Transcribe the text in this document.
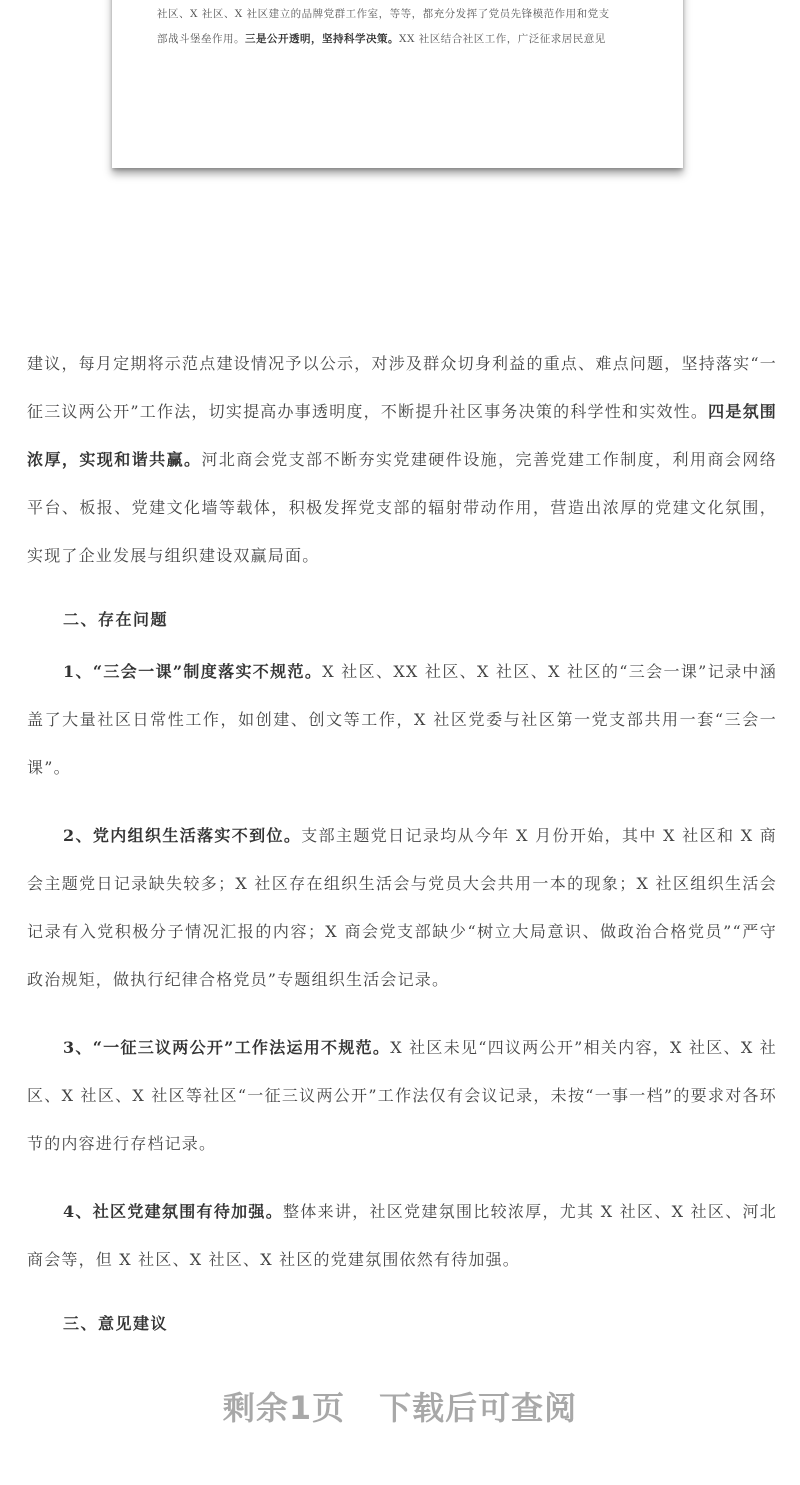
社区、X 社区、X 社区建立的品牌党群工作室，等等，都充分发挥了党员先锋模范作用和党支

部战斗堡垒作用。三是公开透明，坚持科学决策。XX 社区结合社区工作，广泛征求居民意见

建议，每月定期将示范点建设情况予以公示，对涉及群众切身利益的重点、难点问题，坚持落实“一征三议两公开”工作法，切实提高办事透明度，不断提升社区事务决策的科学性和实效性。四是氛围浓厚，实现和谐共赢。河北商会党支部不断夯实党建硬件设施，完善党建工作制度，利用商会网络平台、板报、党建文化墙等载体，积极发挥党支部的辐射带动作用，营造出浓厚的党建文化氛围，实现了企业发展与组织建设双赢局面。

二、存在问题

1、“三会一课”制度落实不规范。X 社区、XX 社区、X 社区、X 社区的“三会一课”记录中涵盖了大量社区日常性工作，如创建、创文等工作，X 社区党委与社区第一党支部共用一套“三会一课”。

2、党内组织生活落实不到位。支部主题党日记录均从今年 X 月份开始，其中 X 社区和 X 商会主题党日记录缺失较多；X 社区存在组织生活会与党员大会共用一本的现象；X 社区组织生活会记录有入党积极分子情况汇报的内容；X 商会党支部缺少“树立大局意识、做政治合格党员”“严守政治规矩，做执行纪律合格党员”专题组织生活会记录。

3、“一征三议两公开”工作法运用不规范。X 社区未见“四议两公开”相关内容，X 社区、X 社区、X 社区、X 社区等社区“一征三议两公开”工作法仅有会议记录，未按“一事一档”的要求对各环节的内容进行存档记录。

4、社区党建氛围有待加强。整体来讲，社区党建氛围比较浓厚，尤其 X 社区、X 社区、河北商会等，但 X 社区、X 社区、X 社区的党建氛围依然有待加强。

三、意见建议

剩余1页 下载后可查阅
